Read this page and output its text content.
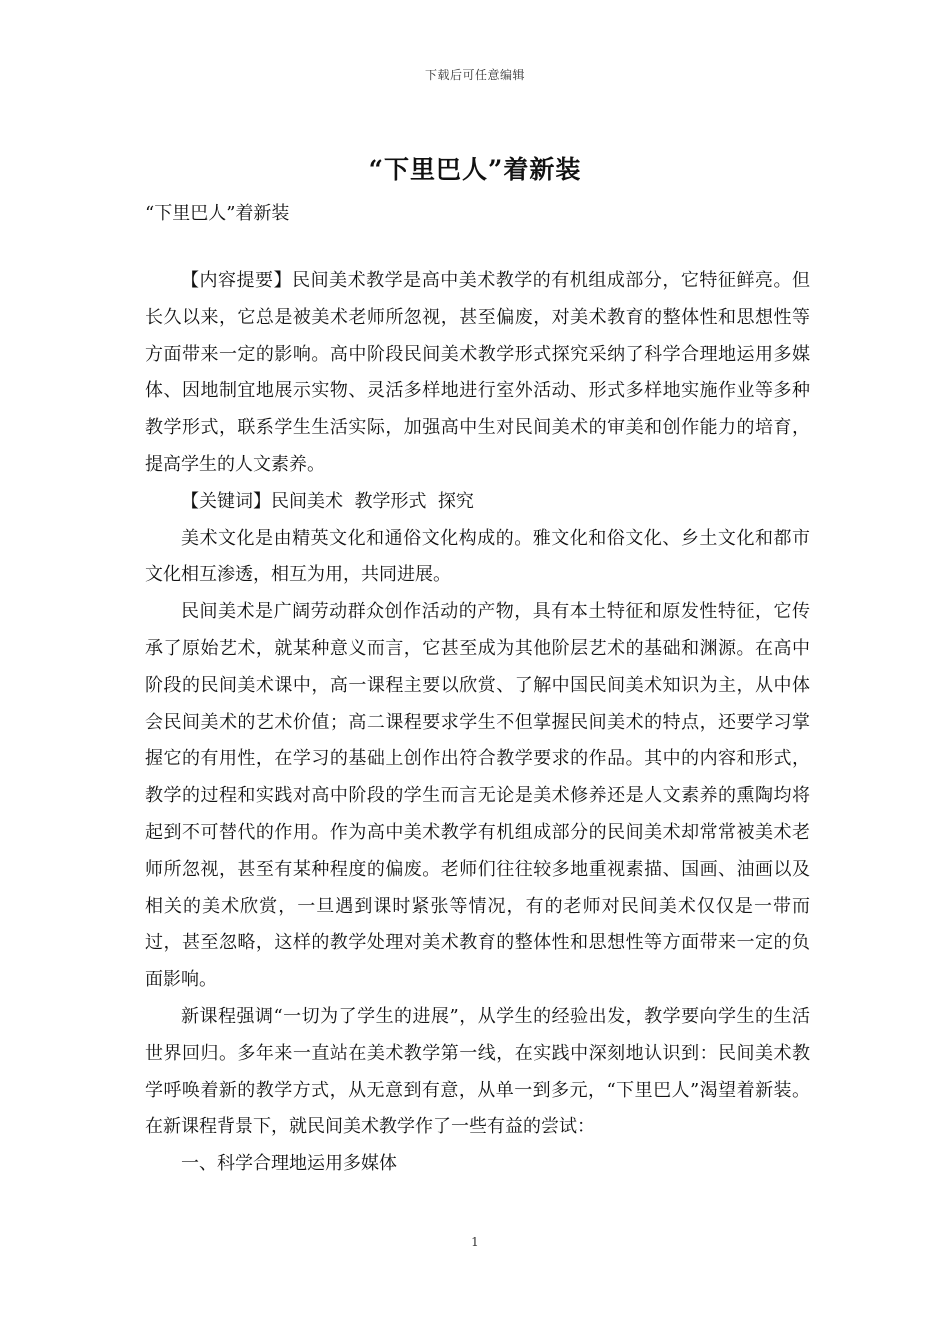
下载后可任意编辑
“下里巴人”着新装

“下里巴人”着新装

【内容提要】民间美术教学是高中美术教学的有机组成部分，它特征鲜亮。但长久以来，它总是被美术老师所忽视，甚至偏废，对美术教育的整体性和思想性等方面带来一定的影响。高中阶段民间美术教学形式探究采纳了科学合理地运用多媒体、因地制宜地展示实物、灵活多样地进行室外活动、形式多样地实施作业等多种教学形式，联系学生生活实际，加强高中生对民间美术的审美和创作能力的培育，提高学生的人文素养。

【关键词】民间美术  教学形式  探究

美术文化是由精英文化和通俗文化构成的。雅文化和俗文化、乡土文化和都市文化相互渗透，相互为用，共同进展。

民间美术是广阔劳动群众创作活动的产物，具有本土特征和原发性特征，它传承了原始艺术，就某种意义而言，它甚至成为其他阶层艺术的基础和渊源。在高中阶段的民间美术课中，高一课程主要以欣赏、了解中国民间美术知识为主，从中体会民间美术的艺术价值；高二课程要求学生不但掌握民间美术的特点，还要学习掌握它的有用性，在学习的基础上创作出符合教学要求的作品。其中的内容和形式，教学的过程和实践对高中阶段的学生而言无论是美术修养还是人文素养的熏陶均将起到不可替代的作用。作为高中美术教学有机组成部分的民间美术却常常被美术老师所忽视，甚至有某种程度的偏废。老师们往往较多地重视素描、国画、油画以及相关的美术欣赏，一旦遇到课时紧张等情况，有的老师对民间美术仅仅是一带而过，甚至忽略，这样的教学处理对美术教育的整体性和思想性等方面带来一定的负面影响。

新课程强调“一切为了学生的进展”，从学生的经验出发，教学要向学生的生活世界回归。多年来一直站在美术教学第一线，在实践中深刻地认识到：民间美术教学呼唤着新的教学方式，从无意到有意，从单一到多元，“下里巴人”渴望着新装。在新课程背景下，就民间美术教学作了一些有益的尝试：

一、科学合理地运用多媒体

1
